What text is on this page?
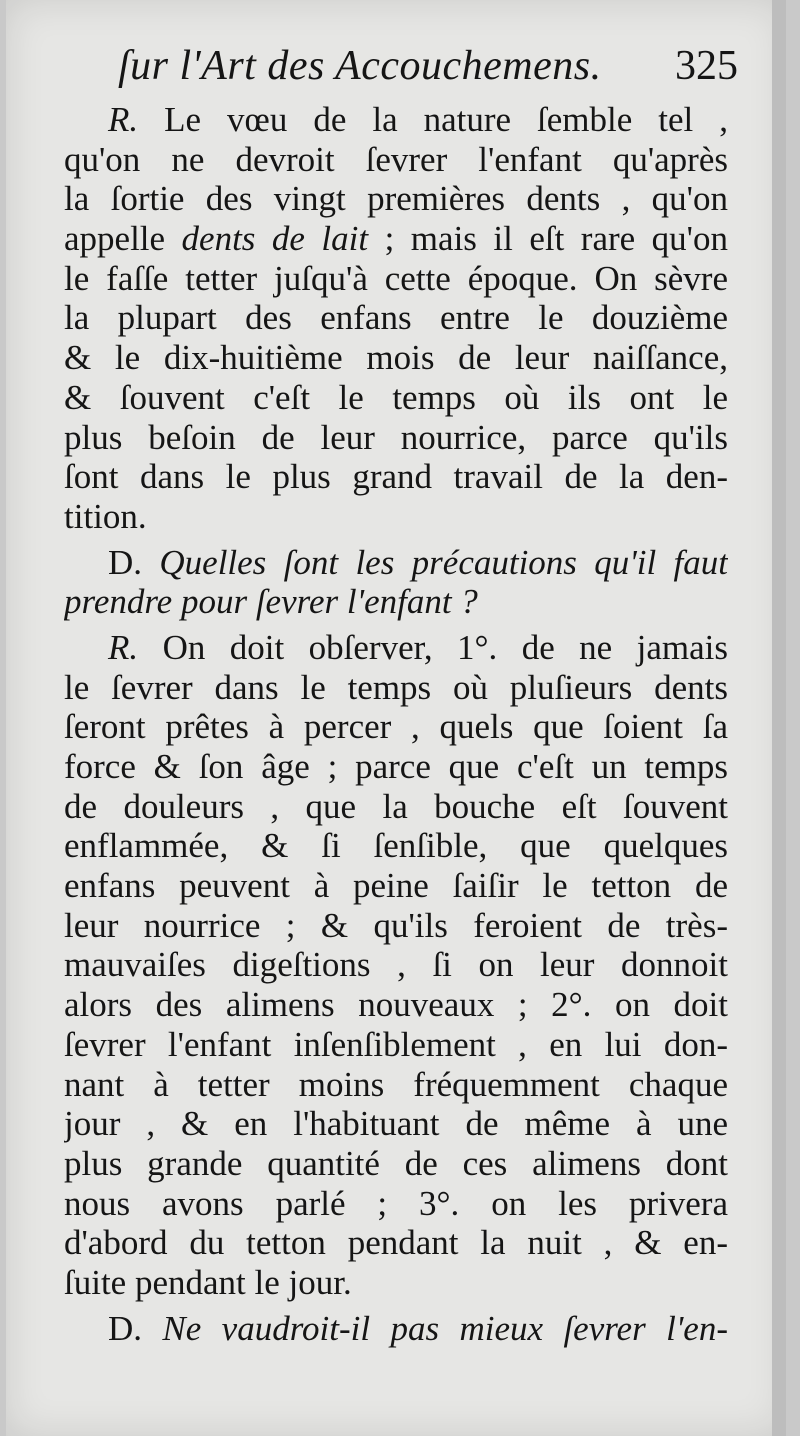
ſur l'Art des Accouchemens. 325
R. Le vœu de la nature ſemble tel ,
qu'on ne devroit ſevrer l'enfant qu'après
la ſortie des vingt premières dents , qu'on
appelle dents de lait ; mais il eſt rare qu'on
le faſſe tetter juſqu'à cette époque. On sèvre
la plupart des enfans entre le douzième
& le dix-huitième mois de leur naiſſance,
& ſouvent c'eſt le temps où ils ont le
plus beſoin de leur nourrice, parce qu'ils
ſont dans le plus grand travail de la den-
tition.
D. Quelles ſont les précautions qu'il faut
prendre pour ſevrer l'enfant ?
R. On doit obſerver, 1°. de ne jamais
le ſevrer dans le temps où pluſieurs dents
ſeront prêtes à percer , quels que ſoient ſa
force & ſon âge ; parce que c'eſt un temps
de douleurs , que la bouche eſt ſouvent
enflammée, & ſi ſenſible, que quelques
enfans peuvent à peine ſaiſir le tetton de
leur nourrice ; & qu'ils feroient de très-
mauvaiſes digeſtions , ſi on leur donnoit
alors des alimens nouveaux ; 2°. on doit
ſevrer l'enfant inſenſiblement , en lui don-
nant à tetter moins fréquemment chaque
jour , & en l'habituant de même à une
plus grande quantité de ces alimens dont
nous avons parlé ; 3°. on les privera
d'abord du tetton pendant la nuit , & en-
ſuite pendant le jour.
D. Ne vaudroit-il pas mieux ſevrer l'en-
